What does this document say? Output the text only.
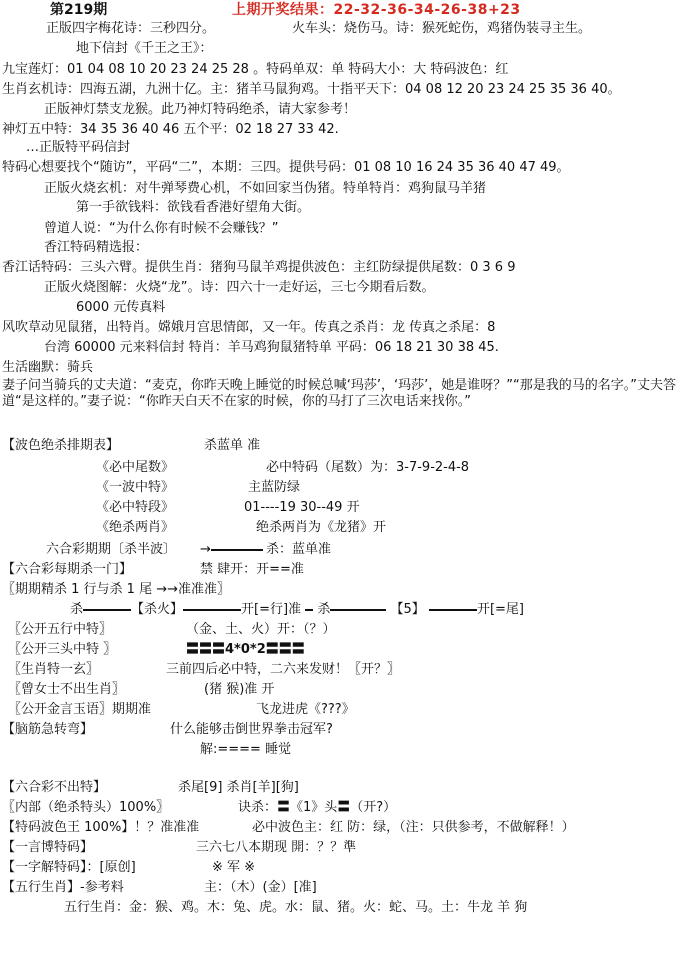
第219期	上期开奖结果：22-32-36-34-26-38+23
正版四字梅花诗：三秒四分。	火车头：烧伤马。诗：猴死蛇伤，鸡猪伪装寻主生。
地下信封《千王之王》：
九宝莲灯：01 04 08 10 20 23 24 25 28 。特码单双：单 特码大小：大 特码波色：红
生肖玄机诗：四海五湖，九洲十亿。主：猪羊马鼠狗鸡。十指平天下：04 08 12 20 23 24 25 35 36 40。
正版神灯禁支龙猴。此乃神灯特码绝杀，请大家参考！
神灯五中特：34 35 36 40 46 五个平：02 18 27 33 42.
…正版特平码信封
特码心想要找个“随访”，平码“二”，本期：三四。提供号码：01 08 10 16 24 35 36 40 47 49。
正版火烧玄机：对牛弹琴费心机，不如回家当伪猪。特单特肖：鸡狗鼠马羊猪
第一手欲钱料：欲钱看香港好望角大街。
曾道人说：“为什么你有时候不会赚钱？”
香江特码精选报：
香江话特码：三头六臂。提供生肖：猪狗马鼠羊鸡提供波色：主红防绿提供尾数：0 3 6 9
正版火烧图解：火烧“龙”。诗：四六十一走好运，三七今期看后数。
6000 元传真料
风吹草动见鼠猪，出特肖。嫦娥月宫思情郎，又一年。传真之杀肖：龙 传真之杀尾：8
台湾 60000 元来料信封 特肖：羊马鸡狗鼠猪特单 平码：06 18 21 30 38 45.
生活幽默：骑兵
妻子问当骑兵的丈夫道：“麦克，你昨天晚上睡觉的时候总喊‘玛莎’，‘玛莎’，她是谁呀？”“那是我的马的名字。”丈夫答道“是这样的。”妻子说：“你昨天白天不在家的时候，你的马打了三次电话来找你。”
【波色绝杀排期表】	杀蓝单 准
《必中尾数》	必中特码（尾数）为：3-7-9-2-4-8
《一波中特》	主蓝防绿
《必中特段》	01----19 30--49 开
《绝杀两肖》	绝杀两肖为《龙猪》开
六合彩期期〔杀半波〕 →	杀：蓝单准
【六合彩每期杀一门】	禁 肆开：开==准
〖期期精杀 1 行与杀 1 尾 →→准准准〗
杀	【杀火】	开[=行]准 杀	【5】	开[=尾]
〖公开五行中特〗	（金、土、火）开：（？）
〖公开三头中特 〗	〓〓〓4*0*2〓〓〓
〖生肖特一玄〗	三前四后必中特，二六来发财！〖开？〗
〖曾女士不出生肖〗	(猪 猴)准 开
〖公开金言玉语〗期期准	飞龙进虎《???》
【脑筋急转弯】	什么能够击倒世界拳击冠军?
解:==== 睡觉
【六合彩不出特】	杀尾[9] 杀肖[羊][狗]
〖内部（绝杀特头）100%〗	诀杀：〓《1》头〓（开?）
【特码波色王 100%】！？准准准	必中波色主：红 防：绿，（注：只供参考，不做解释！）
【一言博特码】	三六七八本期现 開：？？準
【一字解特码】：[原创]	※ 军 ※
【五行生肖】-参考料	主：（木）(金）[准]
五行生肖：金：猴、鸡。木：兔、虎。水：鼠、猪。火：蛇、马。土：牛龙 羊 狗
